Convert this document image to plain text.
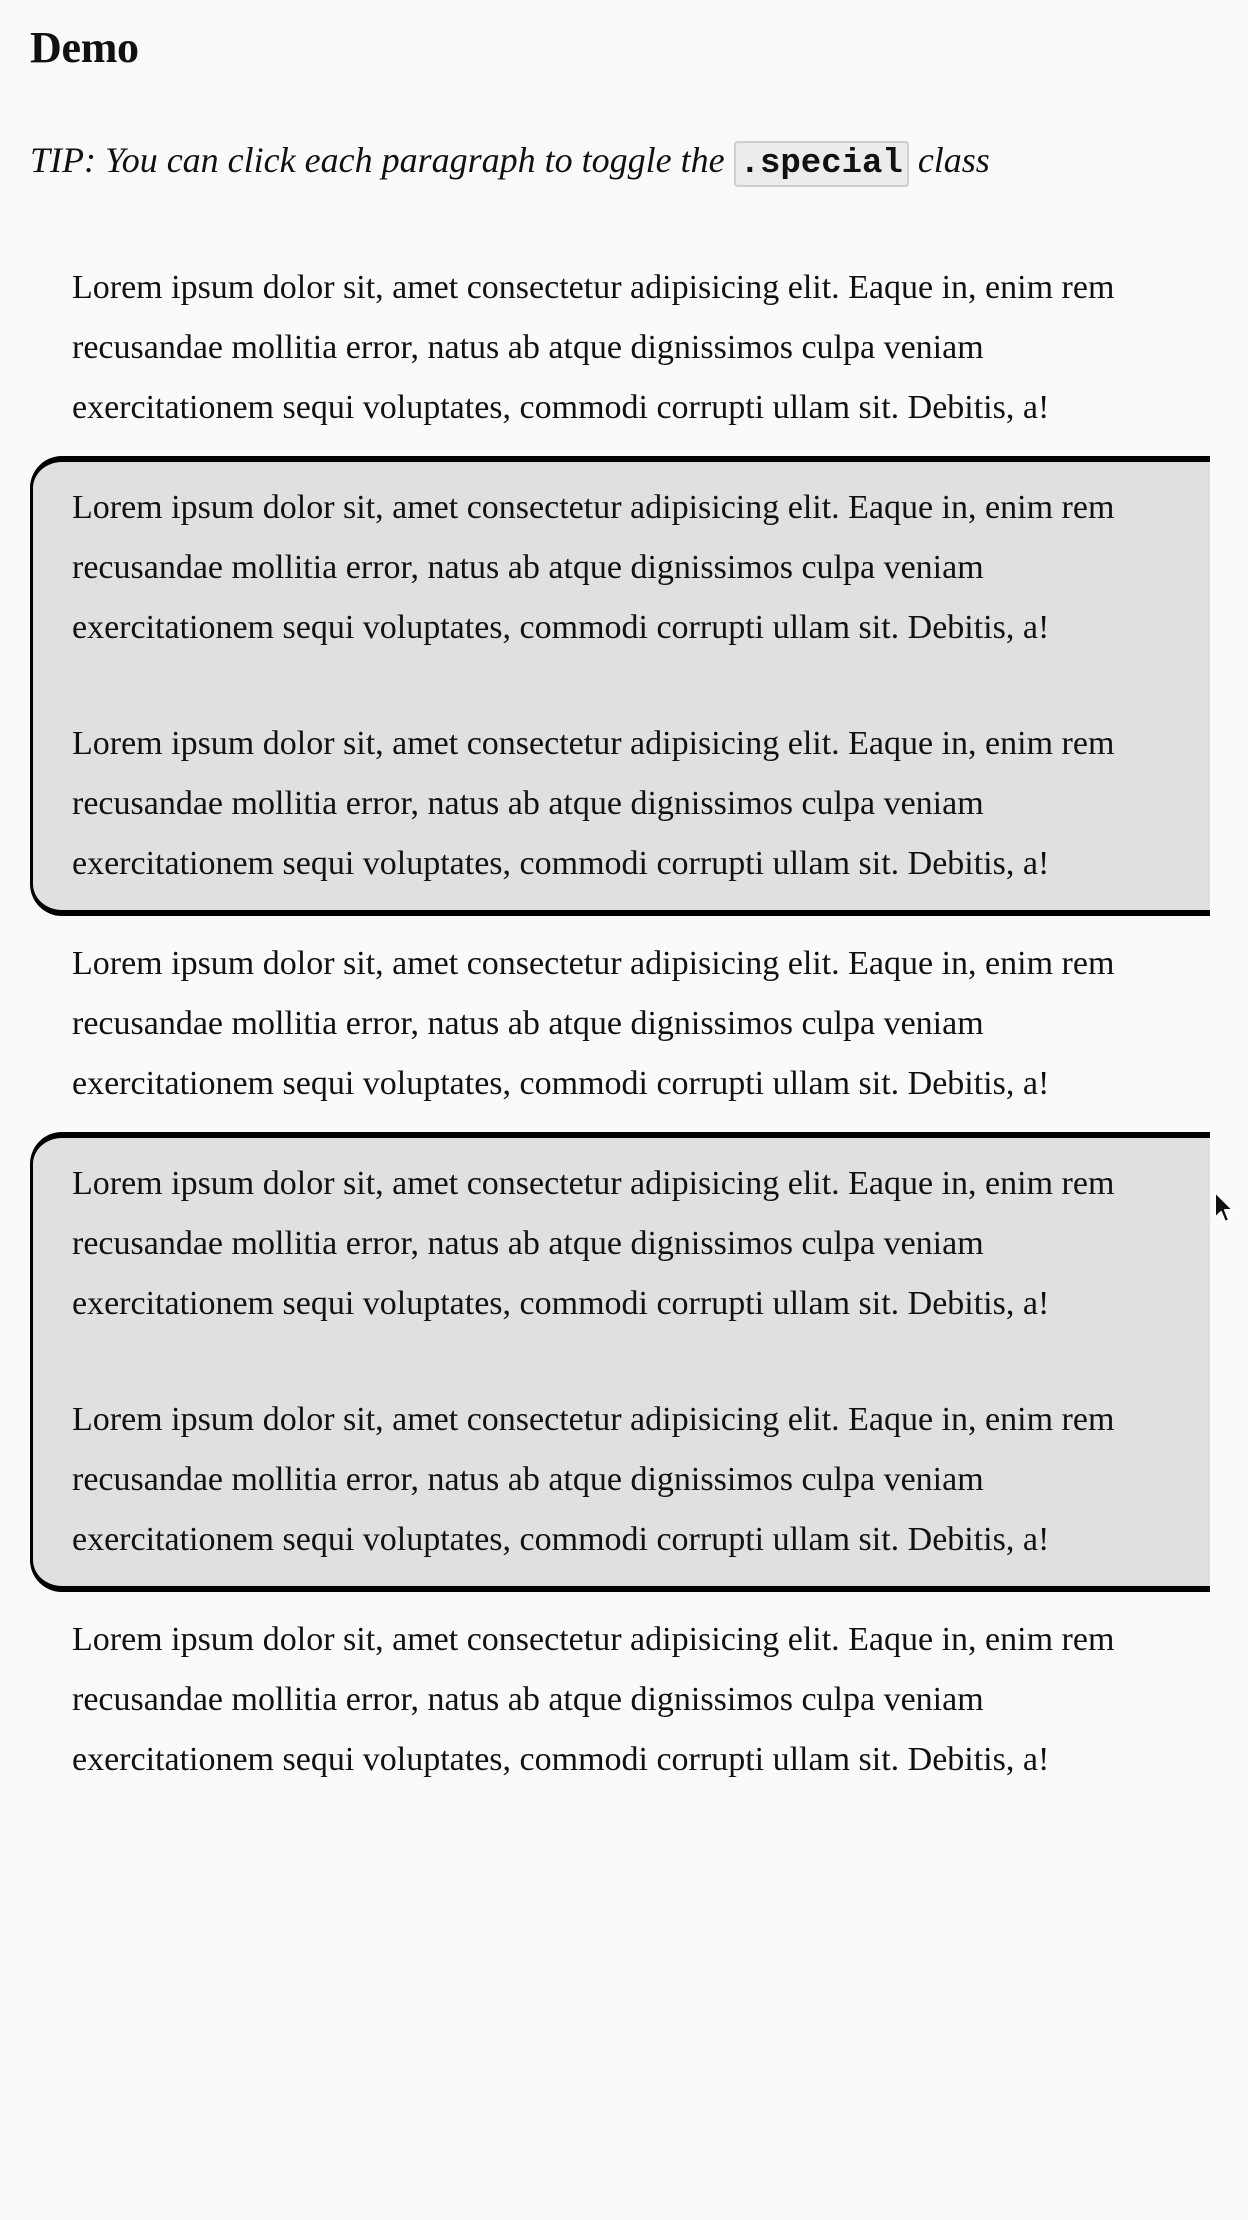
Demo

TIP: You can click each paragraph to toggle the .special class

Lorem ipsum dolor sit, amet consectetur adipisicing elit. Eaque in, enim rem recusandae mollitia error, natus ab atque dignissimos culpa veniam exercitationem sequi voluptates, commodi corrupti ullam sit. Debitis, a!

Lorem ipsum dolor sit, amet consectetur adipisicing elit. Eaque in, enim rem recusandae mollitia error, natus ab atque dignissimos culpa veniam exercitationem sequi voluptates, commodi corrupti ullam sit. Debitis, a!

Lorem ipsum dolor sit, amet consectetur adipisicing elit. Eaque in, enim rem recusandae mollitia error, natus ab atque dignissimos culpa veniam exercitationem sequi voluptates, commodi corrupti ullam sit. Debitis, a!

Lorem ipsum dolor sit, amet consectetur adipisicing elit. Eaque in, enim rem recusandae mollitia error, natus ab atque dignissimos culpa veniam exercitationem sequi voluptates, commodi corrupti ullam sit. Debitis, a!

Lorem ipsum dolor sit, amet consectetur adipisicing elit. Eaque in, enim rem recusandae mollitia error, natus ab atque dignissimos culpa veniam exercitationem sequi voluptates, commodi corrupti ullam sit. Debitis, a!

Lorem ipsum dolor sit, amet consectetur adipisicing elit. Eaque in, enim rem recusandae mollitia error, natus ab atque dignissimos culpa veniam exercitationem sequi voluptates, commodi corrupti ullam sit. Debitis, a!

Lorem ipsum dolor sit, amet consectetur adipisicing elit. Eaque in, enim rem recusandae mollitia error, natus ab atque dignissimos culpa veniam exercitationem sequi voluptates, commodi corrupti ullam sit. Debitis, a!
